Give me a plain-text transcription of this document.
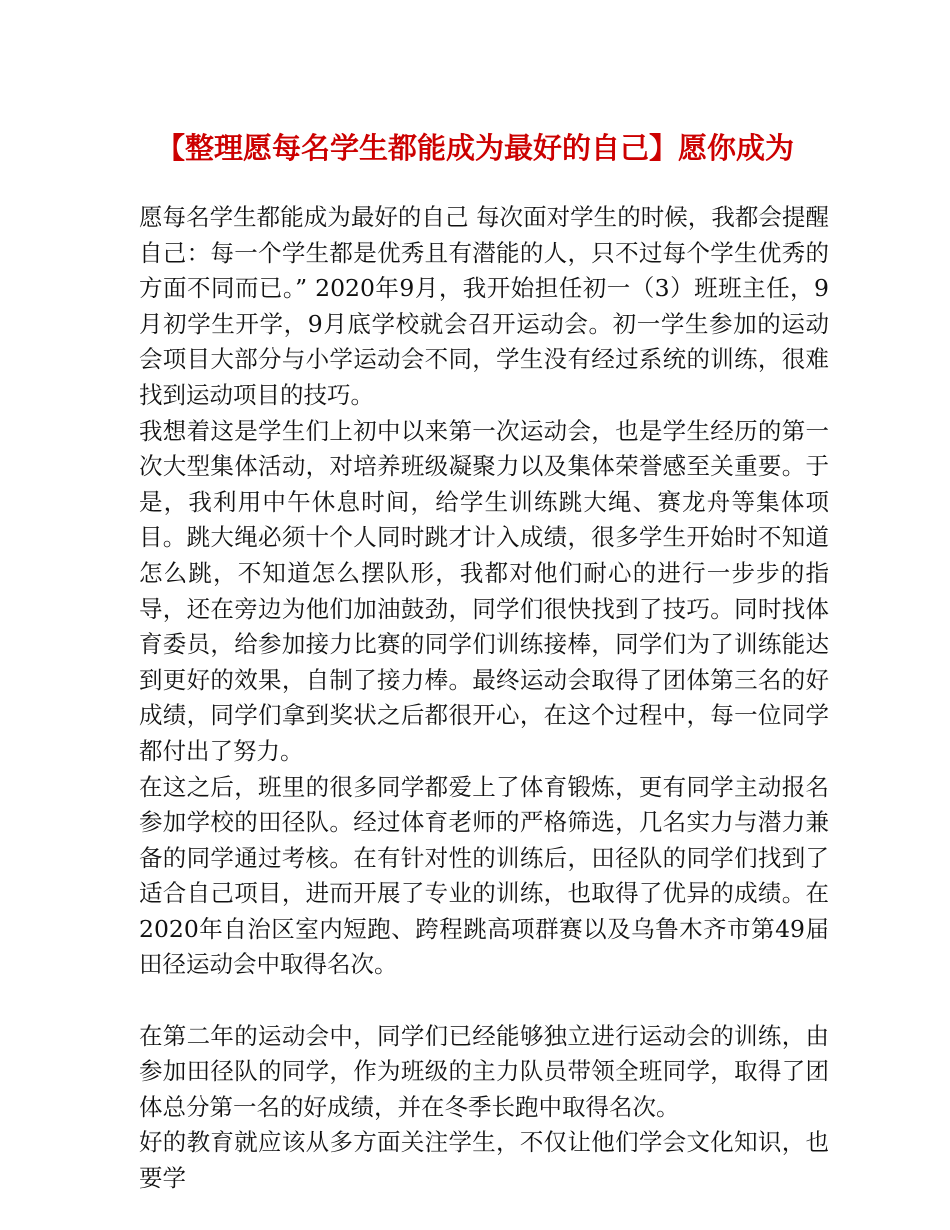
【整理愿每名学生都能成为最好的自己】愿你成为

愿每名学生都能成为最好的自己 每次面对学生的时候，我都会提醒自己：每一个学生都是优秀且有潜能的人，只不过每个学生优秀的方面不同而已。” 2020年9月，我开始担任初一（3）班班主任，9月初学生开学，9月底学校就会召开运动会。初一学生参加的运动会项目大部分与小学运动会不同，学生没有经过系统的训练，很难找到运动项目的技巧。

我想着这是学生们上初中以来第一次运动会，也是学生经历的第一次大型集体活动，对培养班级凝聚力以及集体荣誉感至关重要。于是，我利用中午休息时间，给学生训练跳大绳、赛龙舟等集体项目。跳大绳必须十个人同时跳才计入成绩，很多学生开始时不知道怎么跳，不知道怎么摆队形，我都对他们耐心的进行一步步的指导，还在旁边为他们加油鼓劲，同学们很快找到了技巧。同时找体育委员，给参加接力比赛的同学们训练接棒，同学们为了训练能达到更好的效果，自制了接力棒。最终运动会取得了团体第三名的好成绩，同学们拿到奖状之后都很开心，在这个过程中，每一位同学都付出了努力。

在这之后，班里的很多同学都爱上了体育锻炼，更有同学主动报名参加学校的田径队。经过体育老师的严格筛选，几名实力与潜力兼备的同学通过考核。在有针对性的训练后，田径队的同学们找到了适合自己项目，进而开展了专业的训练，也取得了优异的成绩。在2020年自治区室内短跑、跨程跳高项群赛以及乌鲁木齐市第49届田径运动会中取得名次。

在第二年的运动会中，同学们已经能够独立进行运动会的训练，由参加田径队的同学，作为班级的主力队员带领全班同学，取得了团体总分第一名的好成绩，并在冬季长跑中取得名次。

好的教育就应该从多方面关注学生，不仅让他们学会文化知识，也要学
